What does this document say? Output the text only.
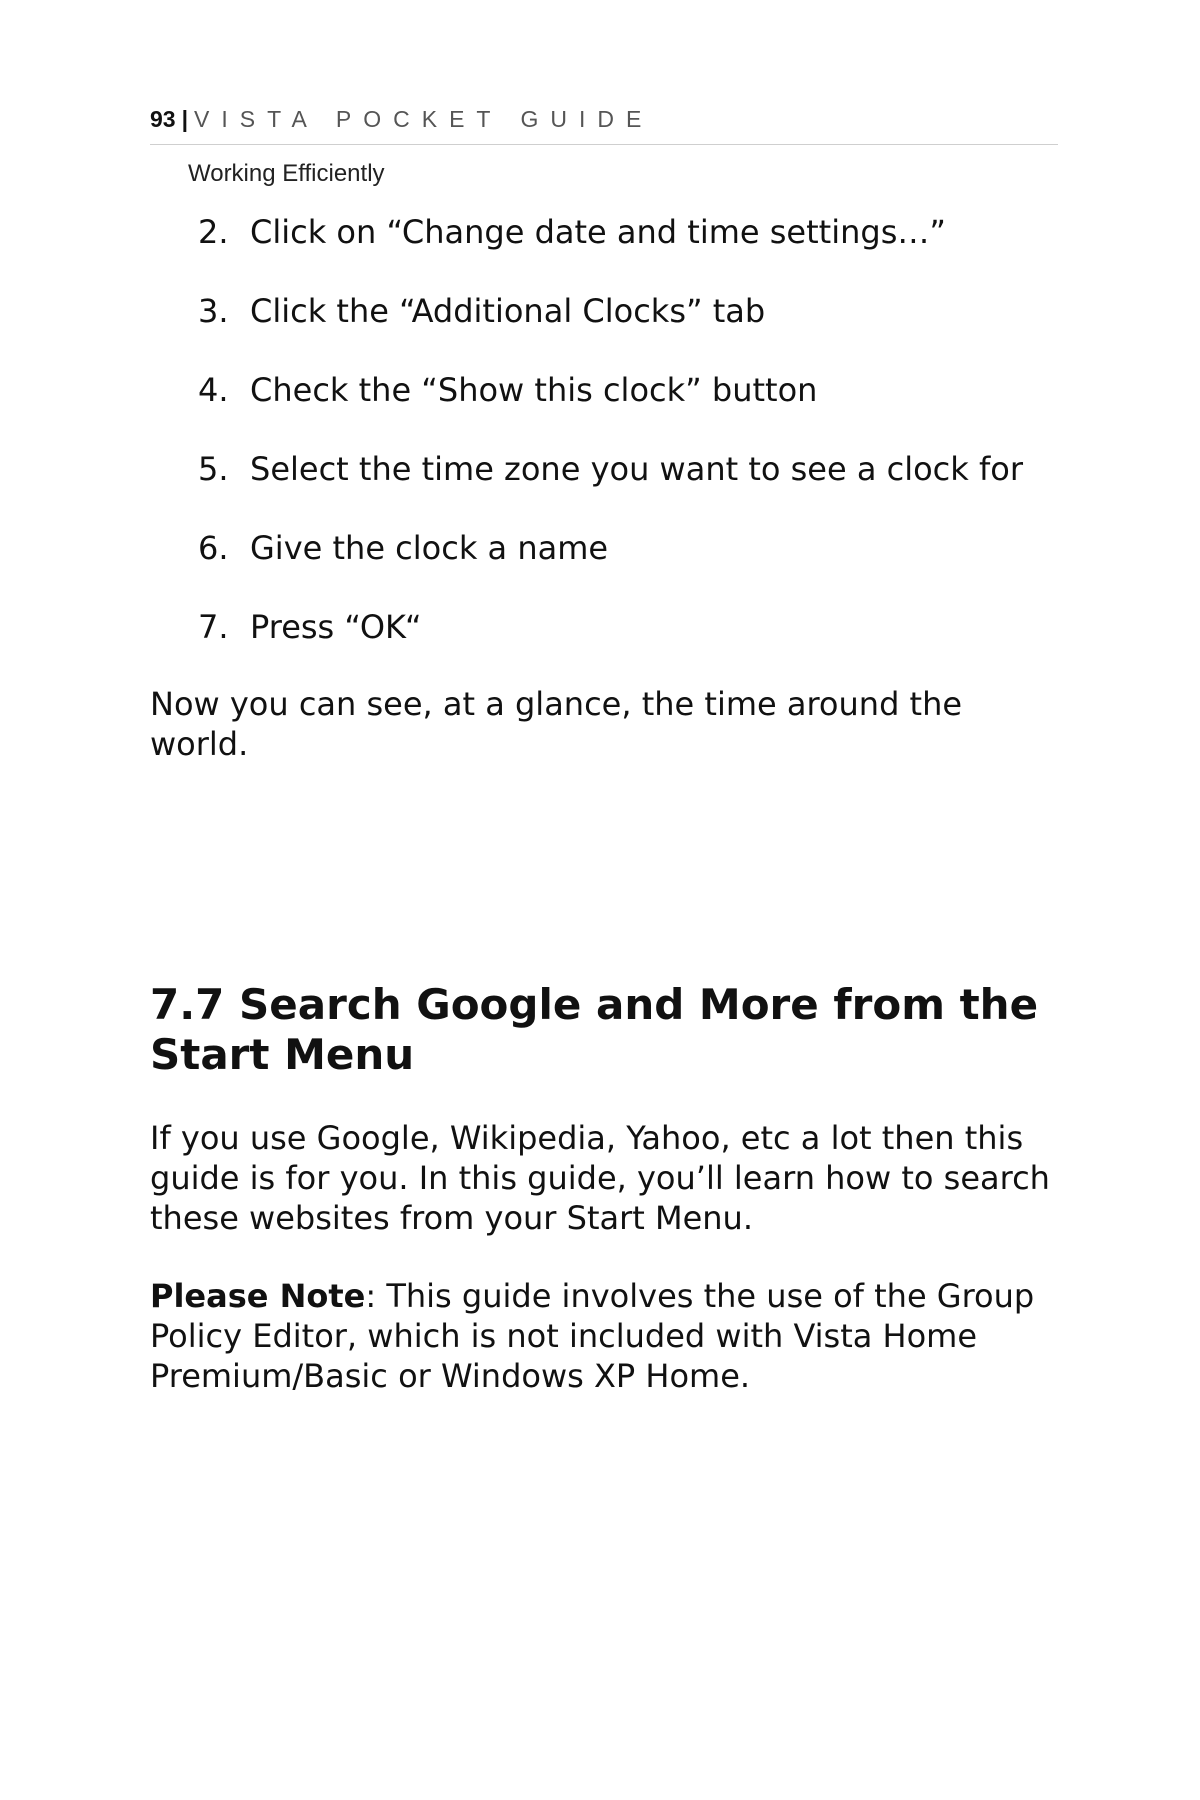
93 | VISTA POCKET GUIDE
Working Efficiently
2. Click on “Change date and time settings…”
3. Click the “Additional Clocks” tab
4. Check the “Show this clock” button
5. Select the time zone you want to see a clock for
6. Give the clock a name
7. Press “OK“

Now you can see, at a glance, the time around the world.

7.7 Search Google and More from the Start Menu

If you use Google, Wikipedia, Yahoo, etc a lot then this guide is for you. In this guide, you’ll learn how to search these websites from your Start Menu.

Please Note: This guide involves the use of the Group Policy Editor, which is not included with Vista Home Premium/Basic or Windows XP Home.
